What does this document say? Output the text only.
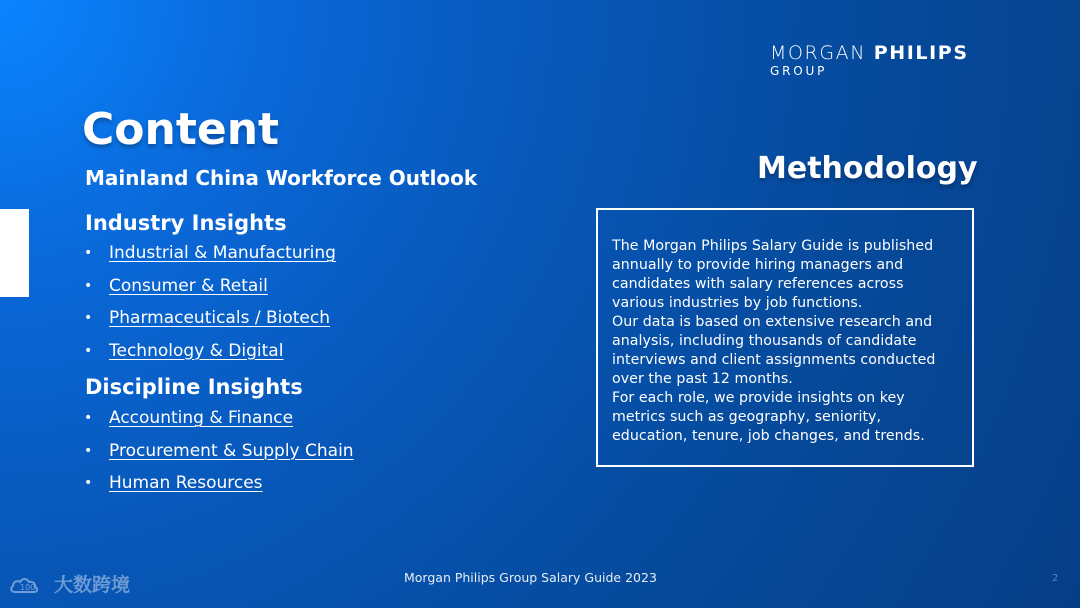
MORGAN PHILIPS
GROUP
Content
Mainland China Workforce Outlook
Industry Insights
• Industrial & Manufacturing
• Consumer & Retail
• Pharmaceuticals / Biotech
• Technology & Digital
Discipline Insights
• Accounting & Finance
• Procurement & Supply Chain
• Human Resources
Methodology
The Morgan Philips Salary Guide is published
annually to provide hiring managers and
candidates with salary references across
various industries by job functions.
Our data is based on extensive research and
analysis, including thousands of candidate
interviews and client assignments conducted
over the past 12 months.
For each role, we provide insights on key
metrics such as geography, seniority,
education, tenure, job changes, and trends.
Morgan Philips Group Salary Guide 2023	2
100 大数跨境
